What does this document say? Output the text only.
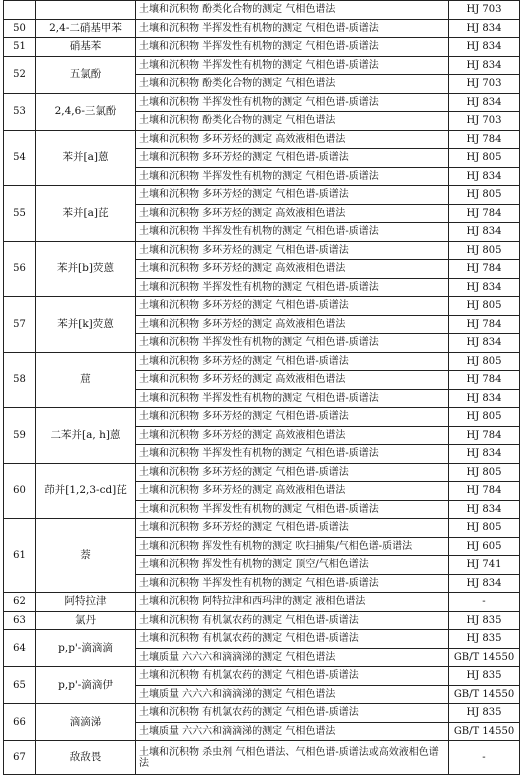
		土壤和沉积物 酚类化合物的测定 气相色谱法	HJ 703
50	2,4-二硝基甲苯	土壤和沉积物 半挥发性有机物的测定 气相色谱-质谱法	HJ 834
51	硝基苯	土壤和沉积物 半挥发性有机物的测定 气相色谱-质谱法	HJ 834
52	五氯酚	土壤和沉积物 半挥发性有机物的测定 气相色谱-质谱法	HJ 834
		土壤和沉积物 酚类化合物的测定 气相色谱法	HJ 703
53	2,4,6-三氯酚	土壤和沉积物 半挥发性有机物的测定 气相色谱-质谱法	HJ 834
		土壤和沉积物 酚类化合物的测定 气相色谱法	HJ 703
54	苯并[a]蒽	土壤和沉积物 多环芳烃的测定 高效液相色谱法	HJ 784
		土壤和沉积物 多环芳烃的测定 气相色谱-质谱法	HJ 805
		土壤和沉积物 半挥发性有机物的测定 气相色谱-质谱法	HJ 834
55	苯并[a]芘	土壤和沉积物 多环芳烃的测定 气相色谱-质谱法	HJ 805
		土壤和沉积物 多环芳烃的测定 高效液相色谱法	HJ 784
		土壤和沉积物 半挥发性有机物的测定 气相色谱-质谱法	HJ 834
56	苯并[b]荧蒽	土壤和沉积物 多环芳烃的测定 气相色谱-质谱法	HJ 805
		土壤和沉积物 多环芳烃的测定 高效液相色谱法	HJ 784
		土壤和沉积物 半挥发性有机物的测定 气相色谱-质谱法	HJ 834
57	苯并[k]荧蒽	土壤和沉积物 多环芳烃的测定 气相色谱-质谱法	HJ 805
		土壤和沉积物 多环芳烃的测定 高效液相色谱法	HJ 784
		土壤和沉积物 半挥发性有机物的测定 气相色谱-质谱法	HJ 834
58	䓛	土壤和沉积物 多环芳烃的测定 气相色谱-质谱法	HJ 805
		土壤和沉积物 多环芳烃的测定 高效液相色谱法	HJ 784
		土壤和沉积物 半挥发性有机物的测定 气相色谱-质谱法	HJ 834
59	二苯并[a, h]蒽	土壤和沉积物 多环芳烃的测定 气相色谱-质谱法	HJ 805
		土壤和沉积物 多环芳烃的测定 高效液相色谱法	HJ 784
		土壤和沉积物 半挥发性有机物的测定 气相色谱-质谱法	HJ 834
60	茚并[1,2,3-cd]芘	土壤和沉积物 多环芳烃的测定 气相色谱-质谱法	HJ 805
		土壤和沉积物 多环芳烃的测定 高效液相色谱法	HJ 784
		土壤和沉积物 半挥发性有机物的测定 气相色谱-质谱法	HJ 834
61	萘	土壤和沉积物 多环芳烃的测定 气相色谱-质谱法	HJ 805
		土壤和沉积物 挥发性有机物的测定 吹扫捕集/气相色谱-质谱法	HJ 605
		土壤和沉积物 挥发性有机物的测定 顶空/气相色谱法	HJ 741
		土壤和沉积物 半挥发性有机物的测定 气相色谱-质谱法	HJ 834
62	阿特拉津	土壤和沉积物 阿特拉津和西玛津的测定 液相色谱法	-
63	氯丹	土壤和沉积物 有机氯农药的测定 气相色谱-质谱法	HJ 835
64	p,p'-滴滴滴	土壤和沉积物 有机氯农药的测定 气相色谱-质谱法	HJ 835
		土壤质量 六六六和滴滴涕的测定 气相色谱法	GB/T 14550
65	p,p'-滴滴伊	土壤和沉积物 有机氯农药的测定 气相色谱-质谱法	HJ 835
		土壤质量 六六六和滴滴涕的测定 气相色谱法	GB/T 14550
66	滴滴涕	土壤和沉积物 有机氯农药的测定 气相色谱-质谱法	HJ 835
		土壤质量 六六六和滴滴涕的测定 气相色谱法	GB/T 14550
67	敌敌畏	土壤和沉积物 杀虫剂 气相色谱法、气相色谱-质谱法或高效液相色谱法	-
